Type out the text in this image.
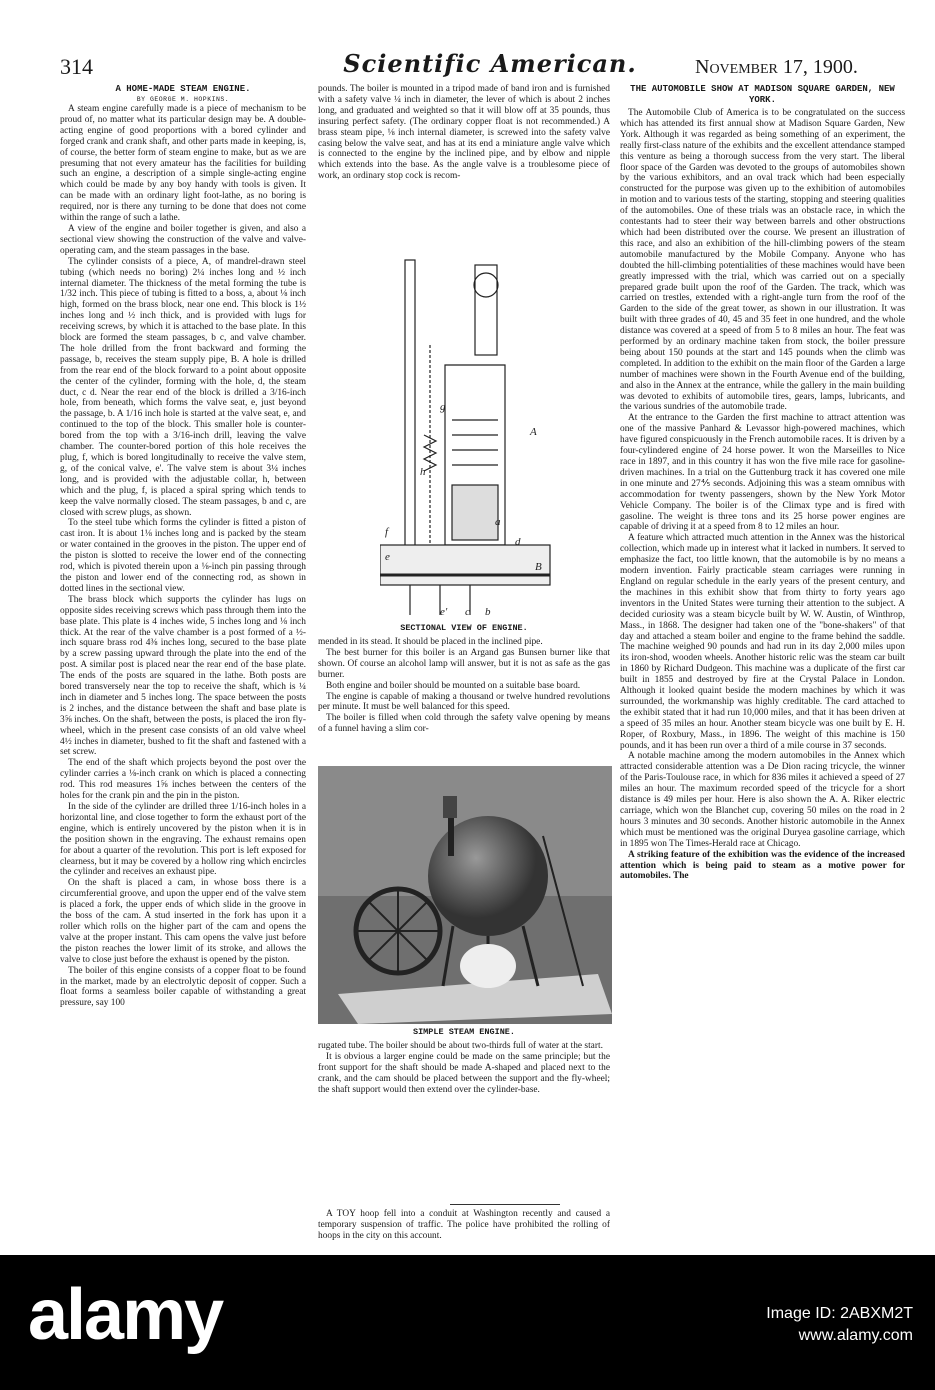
314	Scientific American.	November 17, 1900.

A HOME-MADE STEAM ENGINE.

BY GEORGE M. HOPKINS.

A steam engine carefully made is a piece of mechanism to be proud of, no matter what its particular design may be. A double-acting engine of good proportions with a bored cylinder and forged crank and crank shaft, and other parts made in keeping, is, of course, the better form of steam engine to make, but as we are presuming that not every amateur has the facilities for building such an engine, a description of a simple single-acting engine which could be made by any boy handy with tools is given. It can be made with an ordinary light foot-lathe, as no boring is required, nor is there any turning to be done that does not come within the range of such a lathe.

A view of the engine and boiler together is given, and also a sectional view showing the construction of the valve and valve-operating cam, and the steam passages in the base.

The cylinder consists of a piece, A, of mandrel-drawn steel tubing (which needs no boring) 2¼ inches long and ½ inch internal diameter. The thickness of the metal forming the tube is 1/32 inch. This piece of tubing is fitted to a boss, a, about ⅛ inch high, formed on the brass block, near one end. This block is 1½ inches long and ½ inch thick, and is provided with lugs for receiving screws, by which it is attached to the base plate. In this block are formed the steam passages, b c, and valve chamber. The hole drilled from the front backward and forming the passage, b, receives the steam supply pipe, B. A hole is drilled from the rear end of the block forward to a point about opposite the center of the cylinder, forming with the hole, d, the steam duct, c d. Near the rear end of the block is drilled a 3/16-inch hole, from beneath, which forms the valve seat, e, just beyond the passage, b. A 1/16 inch hole is started at the valve seat, e, and continued to the top of the block. This smaller hole is counter-bored from the top with a 3/16-inch drill, leaving the valve chamber. The counter-bored portion of this hole receives the plug, f, which is bored longitudinally to receive the valve stem, g, of the conical valve, e'. The valve stem is about 3¼ inches long, and is provided with the adjustable collar, h, between which and the plug, f, is placed a spiral spring which tends to keep the valve normally closed. The steam passages, b and c, are closed with screw plugs, as shown.

To the steel tube which forms the cylinder is fitted a piston of cast iron. It is about 1⅛ inches long and is packed by the steam or water contained in the grooves in the piston. The upper end of the piston is slotted to receive the lower end of the connecting rod, which is pivoted therein upon a ⅛-inch pin passing through the piston and lower end of the connecting rod, as shown in dotted lines in the sectional view.

The brass block which supports the cylinder has lugs on opposite sides receiving screws which pass through them into the base plate. This plate is 4 inches wide, 5 inches long and ⅛ inch thick. At the rear of the valve chamber is a post formed of a ½-inch square brass rod 4⅜ inches long, secured to the base plate by a screw passing upward through the plate into the end of the post. A similar post is placed near the rear end of the base plate. The ends of the posts are squared in the lathe. Both posts are bored transversely near the top to receive the shaft, which is ¼ inch in diameter and 5 inches long. The space between the posts is 2 inches, and the distance between the shaft and base plate is 3⅝ inches. On the shaft, between the posts, is placed the iron fly-wheel, which in the present case consists of an old valve wheel 4½ inches in diameter, bushed to fit the shaft and fastened with a set screw.

The end of the shaft which projects beyond the post over the cylinder carries a ⅛-inch crank on which is placed a connecting rod. This rod measures 1⅝ inches between the centers of the holes for the crank pin and the pin in the piston.

In the side of the cylinder are drilled three 1/16-inch holes in a horizontal line, and close together to form the exhaust port of the engine, which is entirely uncovered by the piston when it is in the position shown in the engraving. The exhaust remains open for about a quarter of the revolution. This port is left exposed for clearness, but it may be covered by a hollow ring which encircles the cylinder and receives an exhaust pipe.

On the shaft is placed a cam, in whose boss there is a circumferential groove, and upon the upper end of the valve stem is placed a fork, the upper ends of which slide in the groove in the boss of the cam. A stud inserted in the fork has upon it a roller which rolls on the higher part of the cam and opens the valve at the proper instant. This cam opens the valve just before the piston reaches the lower limit of its stroke, and allows the valve to close just before the exhaust is opened by the piston.

The boiler of this engine consists of a copper float to be found in the market, made by an electrolytic deposit of copper. Such a float forms a seamless boiler capable of withstanding a great pressure, say 100

pounds. The boiler is mounted in a tripod made of band iron and is furnished with a safety valve ¼ inch in diameter, the lever of which is about 2 inches long, and graduated and weighted so that it will blow off at 35 pounds, thus insuring perfect safety. (The ordinary copper float is not recommended.) A brass steam pipe, ⅛ inch internal diameter, is screwed into the safety valve casing below the valve seat, and has at its end a miniature angle valve which is connected to the engine by the inclined pipe, and by elbow and nipple which extends into the base. As the angle valve is a troublesome piece of work, an ordinary stop cock is recom-

g
A
f
e
d
B
e' c b
a
h
SECTIONAL VIEW OF ENGINE.

mended in its stead. It should be placed in the inclined pipe.

The best burner for this boiler is an Argand gas Bunsen burner like that shown. Of course an alcohol lamp will answer, but it is not as safe as the gas burner.

Both engine and boiler should be mounted on a suitable base board.

The engine is capable of making a thousand or twelve hundred revolutions per minute. It must be well balanced for this speed.

The boiler is filled when cold through the safety valve opening by means of a funnel having a slim cor-

SIMPLE STEAM ENGINE.

rugated tube. The boiler should be about two-thirds full of water at the start.

It is obvious a larger engine could be made on the same principle; but the front support for the shaft should be made A-shaped and placed next to the crank, and the cam should be placed between the support and the fly-wheel; the shaft support would then extend over the cylinder-base.

A TOY hoop fell into a conduit at Washington recently and caused a temporary suspension of traffic. The police have prohibited the rolling of hoops in the city on this account.

THE AUTOMOBILE SHOW AT MADISON SQUARE GARDEN, NEW YORK.

The Automobile Club of America is to be congratulated on the success which has attended its first annual show at Madison Square Garden, New York. Although it was regarded as being something of an experiment, the really first-class nature of the exhibits and the excellent attendance stamped this venture as being a thorough success from the very start. The liberal floor space of the Garden was devoted to the groups of automobiles shown by the various exhibitors, and an oval track which had been especially constructed for the purpose was given up to the exhibition of automobiles in motion and to various tests of the starting, stopping and steering qualities of the automobiles. One of these trials was an obstacle race, in which the contestants had to steer their way between barrels and other obstructions which had been distributed over the course. We present an illustration of this race, and also an exhibition of the hill-climbing powers of the steam automobile manufactured by the Mobile Company. Anyone who has doubted the hill-climbing potentialities of these machines would have been greatly impressed with the trial, which was carried out on a specially prepared grade built upon the roof of the Garden. The track, which was carried on trestles, extended with a right-angle turn from the roof of the Garden to the side of the great tower, as shown in our illustration. It was built with three grades of 40, 45 and 35 feet in one hundred, and the whole distance was covered at a speed of from 5 to 8 miles an hour. The feat was performed by an ordinary machine taken from stock, the boiler pressure being about 150 pounds at the start and 145 pounds when the climb was completed. In addition to the exhibit on the main floor of the Garden a large number of machines were shown in the Fourth Avenue end of the building, and also in the Annex at the entrance, while the gallery in the main building was devoted to exhibits of automobile tires, gears, lamps, lubricants, and the various sundries of the automobile trade.

At the entrance to the Garden the first machine to attract attention was one of the massive Panhard & Levassor high-powered machines, which have figured conspicuously in the French automobile races. It is driven by a four-cylindered engine of 24 horse power. It won the Marseilles to Nice race in 1897, and in this country it has won the five mile race for gasoline-driven machines. In a trial on the Guttenburg track it has covered one mile in one minute and 27⅘ seconds. Adjoining this was a steam omnibus with accommodation for twenty passengers, shown by the New York Motor Vehicle Company. The boiler is of the Climax type and is fired with gasoline. The weight is three tons and its 25 horse power engines are capable of driving it at a speed from 8 to 12 miles an hour.

A feature which attracted much attention in the Annex was the historical collection, which made up in interest what it lacked in numbers. It served to emphasize the fact, too little known, that the automobile is by no means a modern invention. Fairly practicable steam carriages were running in England on regular schedule in the early years of the present century, and the machines in this exhibit show that from thirty to forty years ago inventors in the United States were turning their attention to the subject. A decided curiosity was a steam bicycle built by W. W. Austin, of Winthrop, Mass., in 1868. The designer had taken one of the "bone-shakers" of that day and attached a steam boiler and engine to the frame behind the saddle. The machine weighed 90 pounds and had run in its day 2,000 miles upon its iron-shod, wooden wheels. Another historic relic was the steam car built in 1860 by Richard Dudgeon. This machine was a duplicate of the first car built in 1855 and destroyed by fire at the Crystal Palace in London. Although it looked quaint beside the modern machines by which it was surrounded, the workmanship was highly creditable. The card attached to the exhibit stated that it had run 10,000 miles, and that it has been driven at a speed of 35 miles an hour. Another steam bicycle was one built by E. H. Roper, of Roxbury, Mass., in 1896. The weight of this machine is 150 pounds, and it has been run over a third of a mile course in 37 seconds.

A notable machine among the modern automobiles in the Annex which attracted considerable attention was a De Dion racing tricycle, the winner of the Paris-Toulouse race, in which for 836 miles it achieved a speed of 27 miles an hour. The maximum recorded speed of the tricycle for a short distance is 49 miles per hour. Here is also shown the A. A. Riker electric carriage, which won the Blanchet cup, covering 50 miles on the road in 2 hours 3 minutes and 30 seconds. Another historic automobile in the Annex which must be mentioned was the original Duryea gasoline carriage, which in 1895 won The Times-Herald race at Chicago.

A striking feature of the exhibition was the evidence of the increased attention which is being paid to steam as a motive power for automobiles. The

alamy	Image ID: 2ABXM2T
www.alamy.com
